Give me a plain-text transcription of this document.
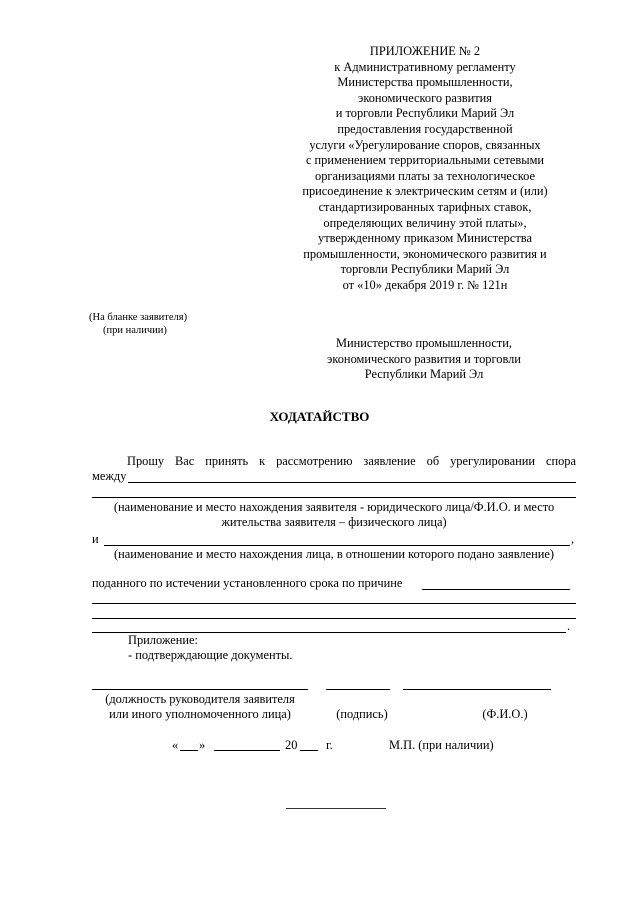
ПРИЛОЖЕНИЕ № 2
к Административному регламенту
Министерства промышленности,
экономического развития
и торговли Республики Марий Эл
предоставления государственной
услуги «Урегулирование споров, связанных
с применением территориальными сетевыми
организациями платы за технологическое
присоединение к электрическим сетям и (или)
стандартизированных тарифных ставок,
определяющих величину этой платы»,
утвержденному приказом Министерства
промышленности, экономического развития и
торговли Республики Марий Эл
от «10» декабря 2019 г. № 121н
(На бланке заявителя)
(при наличии)
Министерство промышленности,
экономического развития и торговли
Республики Марий Эл
ХОДАТАЙСТВО
Прошу Вас принять к рассмотрению заявление об урегулировании спора
между
(наименование и место нахождения заявителя - юридического лица/Ф.И.О. и место
жительства заявителя – физического лица)
и	,
(наименование и место нахождения лица, в отношении которого подано заявление)
поданного по истечении установленного срока по причине
.
Приложение:
- подтверждающие документы.
(должность руководителя заявителя
или иного уполномоченного лица)	(подпись)	(Ф.И.О.)
« »	20 г.	М.П. (при наличии)
